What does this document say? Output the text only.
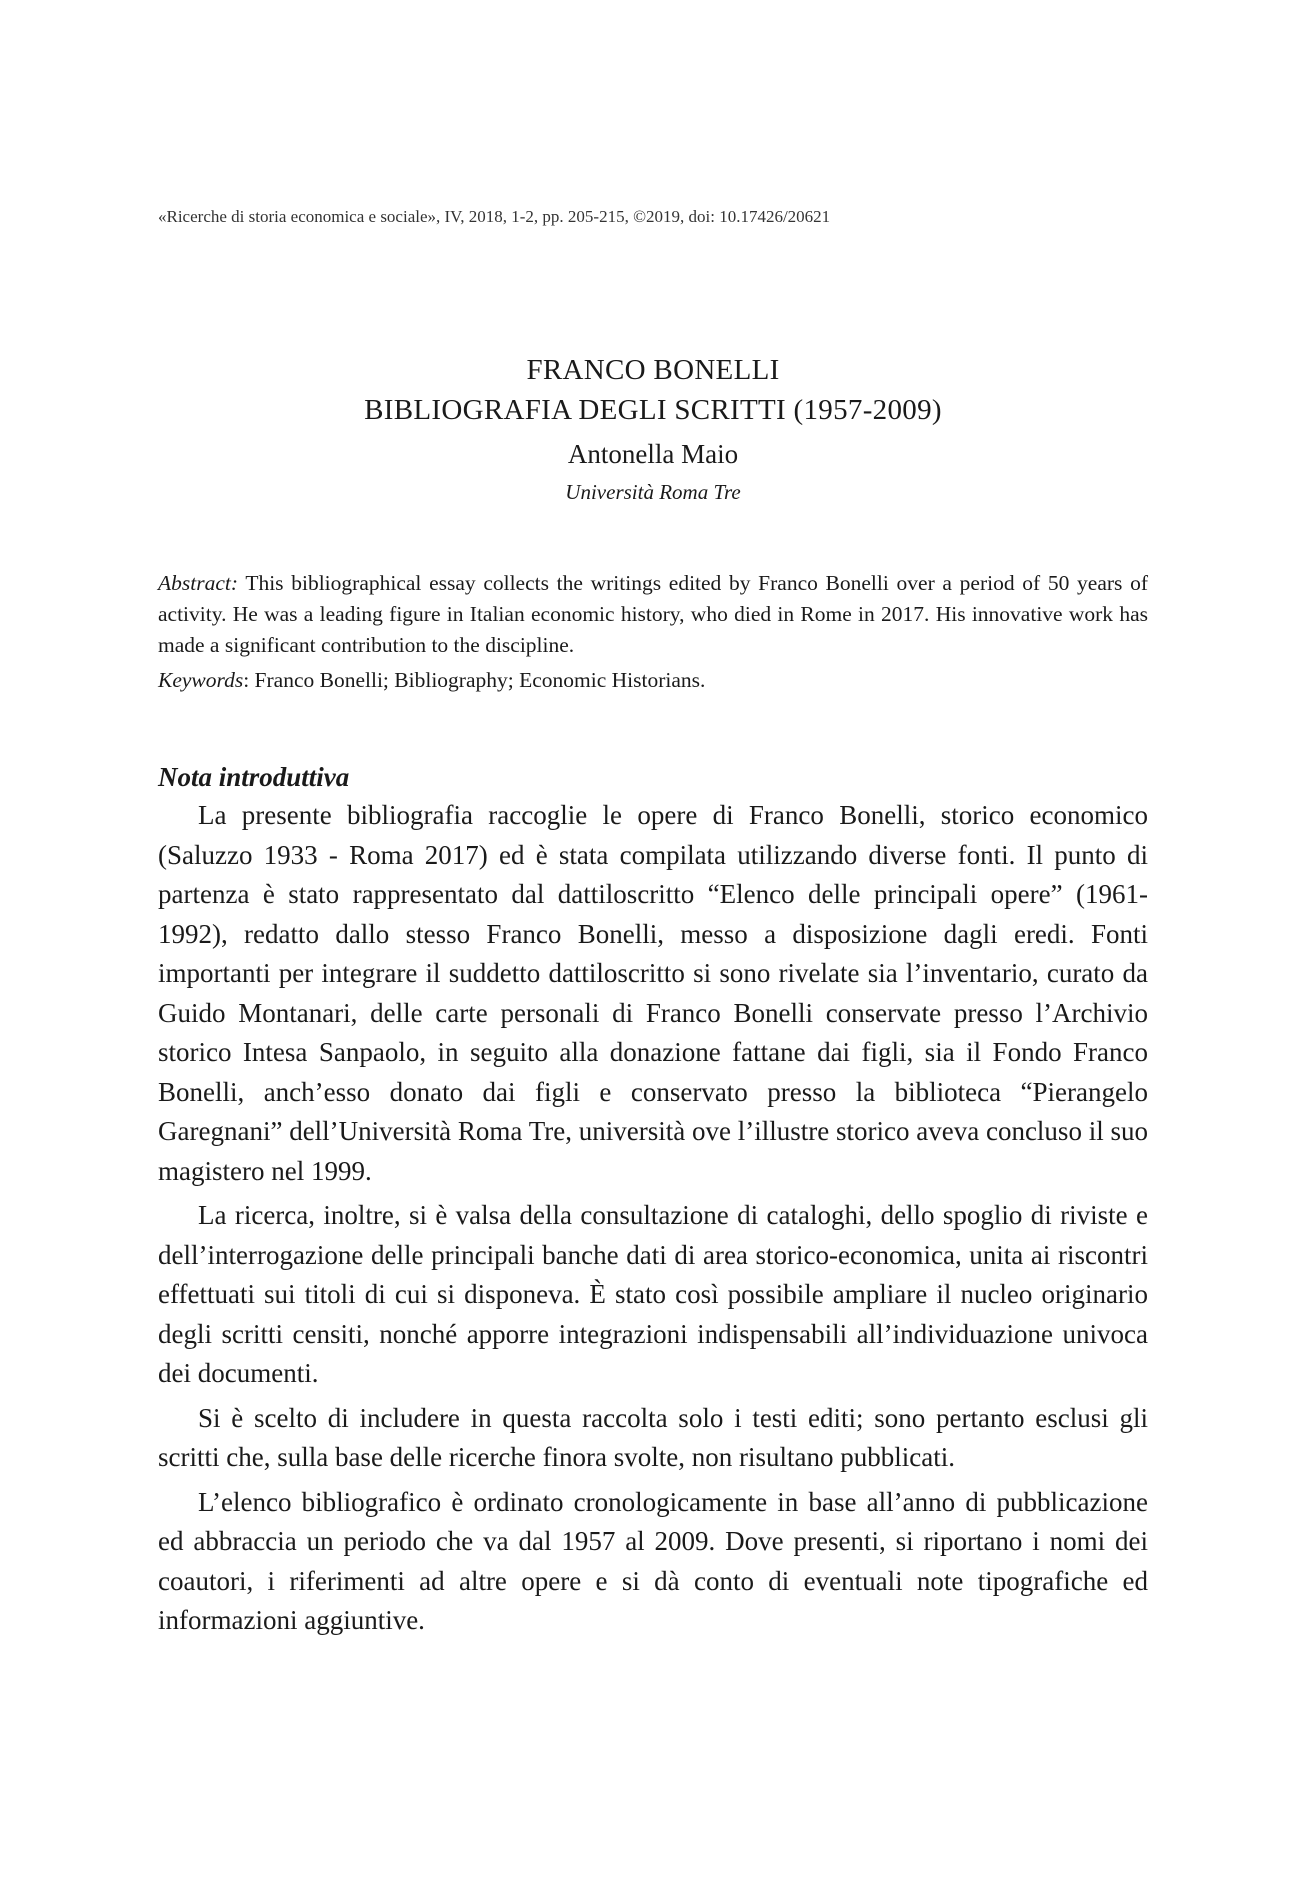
«Ricerche di storia economica e sociale», IV, 2018, 1-2, pp. 205-215, ©2019, doi: 10.17426/20621
FRANCO BONELLI
BIBLIOGRAFIA DEGLI SCRITTI (1957-2009)
Antonella Maio
Università Roma Tre

Abstract: This bibliographical essay collects the writings edited by Franco Bonelli over a period of 50 years of activity. He was a leading figure in Italian economic history, who died in Rome in 2017. His innovative work has made a significant contribution to the discipline.

Keywords: Franco Bonelli; Bibliography; Economic Historians.

Nota introduttiva

La presente bibliografia raccoglie le opere di Franco Bonelli, storico economico (Saluzzo 1933 - Roma 2017) ed è stata compilata utilizzando diverse fonti. Il punto di partenza è stato rappresentato dal dattiloscritto “Elenco delle principali opere” (1961-1992), redatto dallo stesso Franco Bonelli, messo a disposizione dagli eredi. Fonti importanti per integrare il suddetto dattiloscritto si sono rivelate sia l’inventario, curato da Guido Montanari, delle carte personali di Franco Bonelli conservate presso l’Archivio storico Intesa Sanpaolo, in seguito alla donazione fattane dai figli, sia il Fondo Franco Bonelli, anch’esso donato dai figli e conservato presso la biblioteca “Pierangelo Garegnani” dell’Università Roma Tre, università ove l’illustre storico aveva concluso il suo magistero nel 1999.

La ricerca, inoltre, si è valsa della consultazione di cataloghi, dello spoglio di riviste e dell’interrogazione delle principali banche dati di area storico-economica, unita ai riscontri effettuati sui titoli di cui si disponeva. È stato così possibile ampliare il nucleo originario degli scritti censiti, nonché apporre integrazioni indispensabili all’individuazione univoca dei documenti.

Si è scelto di includere in questa raccolta solo i testi editi; sono pertanto esclusi gli scritti che, sulla base delle ricerche finora svolte, non risultano pubblicati.

L’elenco bibliografico è ordinato cronologicamente in base all’anno di pubblicazione ed abbraccia un periodo che va dal 1957 al 2009. Dove presenti, si riportano i nomi dei coautori, i riferimenti ad altre opere e si dà conto di eventuali note tipografiche ed informazioni aggiuntive.
